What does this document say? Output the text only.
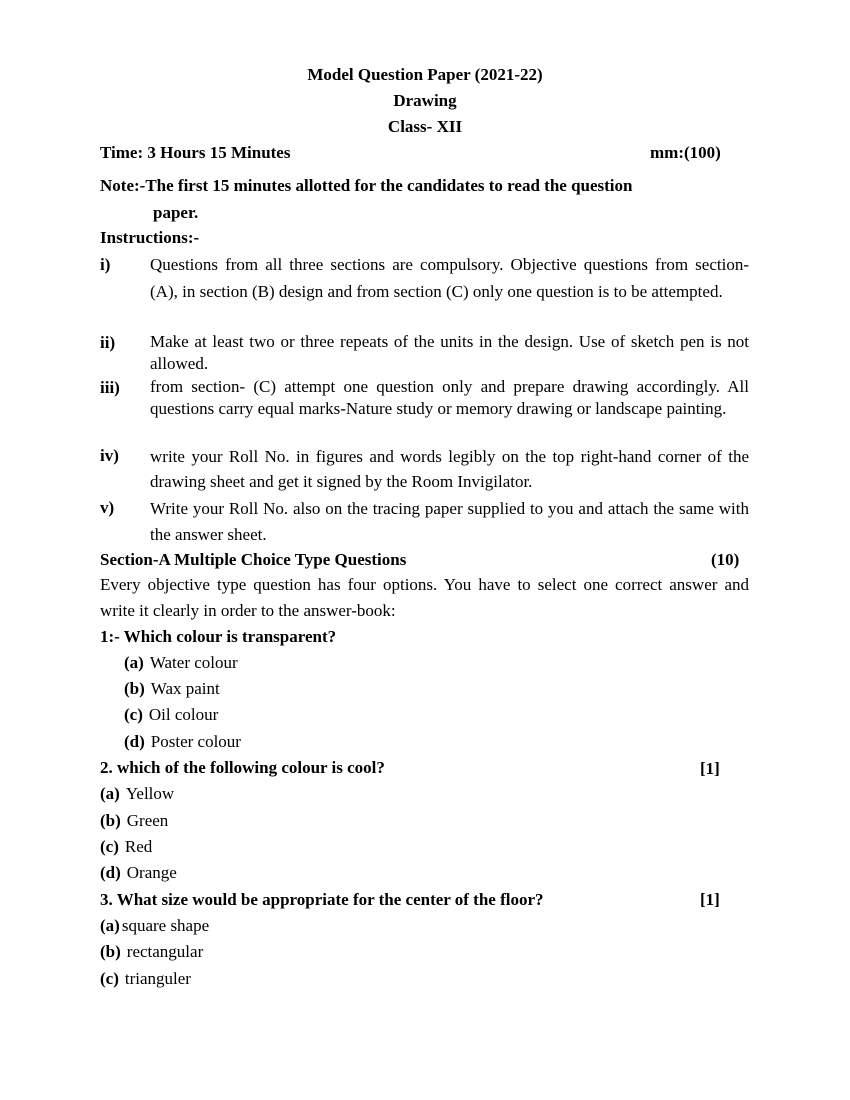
Model Question Paper (2021-22)
Drawing
Class- XII
Time: 3 Hours 15 Minutes	mm:(100)
Note:-The first 15 minutes allotted for the candidates to read the question
paper.
Instructions:-
i) Questions from all three sections are compulsory. Objective questions from section- (A), in section (B) design and from section (C) only one question is to be attempted.
ii) Make at least two or three repeats of the units in the design. Use of sketch pen is not allowed.
iii) from section- (C) attempt one question only and prepare drawing accordingly. All questions carry equal marks-Nature study or memory drawing or landscape painting.
iv) write your Roll No. in figures and words legibly on the top right-hand corner of the drawing sheet and get it signed by the Room Invigilator.
v) Write your Roll No. also on the tracing paper supplied to you and attach the same with the answer sheet.
Section-A Multiple Choice Type Questions	(10)
Every objective type question has four options. You have to select one correct answer and write it clearly in order to the answer-book:
1:- Which colour is transparent?
(a) Water colour
(b) Wax paint
(c) Oil colour
(d) Poster colour
2. which of the following colour is cool?	[1]
(a) Yellow
(b) Green
(c) Red
(d) Orange
3. What size would be appropriate for the center of the floor?	[1]
(a) square shape
(b) rectangular
(c) trianguler
